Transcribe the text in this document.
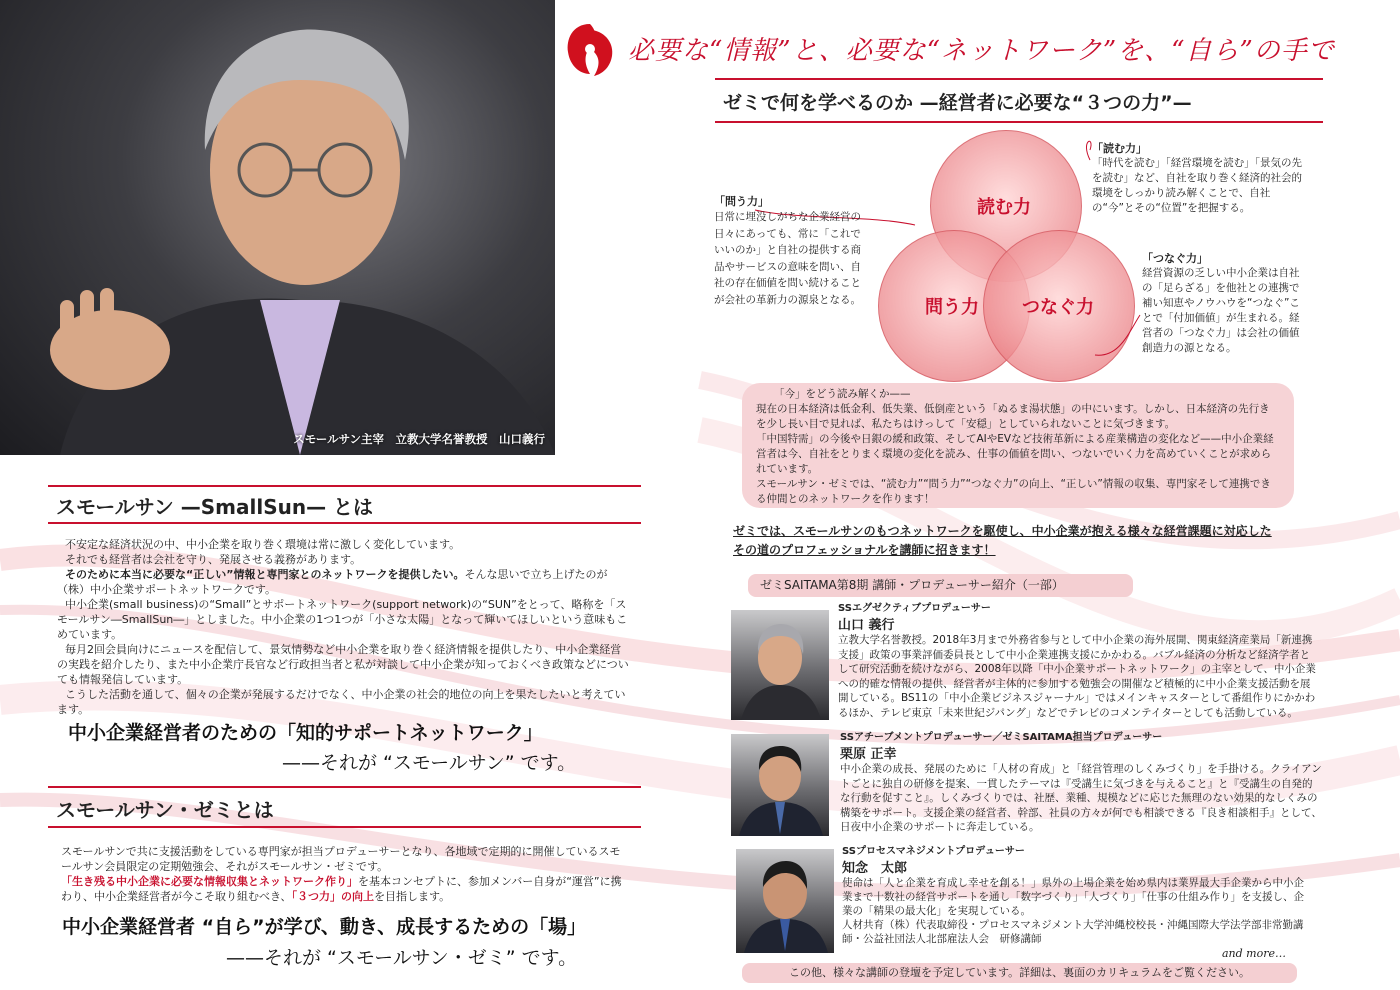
スモールサン主宰　立教大学名誉教授　山口義行
必要な“情報”と、必要な“ネットワーク”を、“自ら”の手で
ゼミで何を学べるのか —経営者に必要な“３つの力”—
読む力
問う力 つなぐ力
「読む力」
「時代を読む」「経営環境を読む」「景気の先を読む」など、自社を取り巻く経済的社会的環境をしっかり読み解くことで、自社の“今”とその“位置”を把握する。
「問う力」
日常に埋没しがちな企業経営の日々にあっても、常に「これでいいのか」と自社の提供する商品やサービスの意味を問い、自社の存在価値を問い続けることが会社の革新力の源泉となる。
「つなぐ力」
経営資源の乏しい中小企業は自社の「足らざる」を他社との連携で補い知恵やノウハウを“つなぐ”ことで「付加価値」が生まれる。経営者の「つなぐ力」は会社の価値創造力の源となる。
「今」をどう読み解くか——
現在の日本経済は低金利、低失業、低倒産という「ぬるま湯状態」の中にいます。しかし、日本経済の先行きを少し長い目で見れば、私たちはけっして「安穏」としていられないことに気づきます。
「中国特需」の今後や日銀の緩和政策、そしてAIやEVなど技術革新による産業構造の変化など——中小企業経営者は今、自社をとりまく環境の変化を読み、仕事の価値を問い、つないでいく力を高めていくことが求められています。
スモールサン・ゼミでは、“読む力”“問う力”“つなぐ力”の向上、“正しい”情報の収集、専門家そして連携できる仲間とのネットワークを作ります！
ゼミでは、スモールサンのもつネットワークを駆使し、中小企業が抱える様々な経営課題に対応した
その道のプロフェッショナルを講師に招きます！
ゼミSAITAMA第8期 講師・プロデューサー紹介（一部）
SSエグゼクティブプロデューサー
山口 義行
立教大学名誉教授。2018年3月まで外務省参与として中小企業の海外展開、関東経済産業局「新連携支援」政策の事業評価委員長として中小企業連携支援にかかわる。バブル経済の分析など経済学者として研究活動を続けながら、2008年以降「中小企業サポートネットワーク」の主宰として、中小企業への的確な情報の提供、経営者が主体的に参加する勉強会の開催など積極的に中小企業支援活動を展開している。BS11の「中小企業ビジネスジャーナル」ではメインキャスターとして番組作りにかかわるほか、テレビ東京「未来世紀ジパング」などでテレビのコメンテイターとしても活動している。
SSアチーブメントプロデューサー／ゼミSAITAMA担当プロデューサー
栗原 正幸
中小企業の成長、発展のために「人材の育成」と「経営管理のしくみづくり」を手掛ける。クライアントごとに独自の研修を提案、一貫したテーマは『受講生に気づきを与えること』と『受講生の自発的な行動を促すこと』。しくみづくりでは、社歴、業種、規模などに応じた無理のない効果的なしくみの構築をサポート。支援企業の経営者、幹部、社員の方々が何でも相談できる『良き相談相手』として、日夜中小企業のサポートに奔走している。
SSプロセスマネジメントプロデューサー
知念　太郎
使命は「人と企業を育成し幸せを創る！」県外の上場企業を始め県内は業界最大手企業から中小企業まで十数社の経営サポートを通し「数字づくり」「人づくり」「仕事の仕組み作り」を支援し、企業の「精果の最大化」を実現している。
人材共育（株）代表取締役・プロセスマネジメント大学沖縄校校長・沖縄国際大学法学部非常勤講師・公益社団法人北部雇法人会　研修講師
and more…
この他、様々な講師の登壇を予定しています。詳細は、裏面のカリキュラムをご覧ください。
スモールサン —SmallSun— とは
不安定な経済状況の中、中小企業を取り巻く環境は常に激しく変化しています。
それでも経営者は会社を守り、発展させる義務があります。
そのために本当に必要な“正しい”情報と専門家とのネットワークを提供したい。そんな思いで立ち上げたのが（株）中小企業サポートネットワークです。
中小企業(small business)の“Small”とサポートネットワーク(support network)の“SUN”をとって、略称を「スモールサン―SmallSun―」としました。中小企業の1つ1つが「小さな太陽」となって輝いてほしいという意味もこめています。
毎月2回会員向けにニュースを配信して、景気情勢など中小企業を取り巻く経済情報を提供したり、中小企業経営の実践を紹介したり、また中小企業庁長官など行政担当者と私が対談して中小企業が知っておくべき政策などについても情報発信しています。
こうした活動を通して、個々の企業が発展するだけでなく、中小企業の社会的地位の向上を果たしたいと考えています。
中小企業経営者のための「知的サポートネットワーク」
——それが “スモールサン” です。
スモールサン・ゼミとは
スモールサンで共に支援活動をしている専門家が担当プロデューサーとなり、各地域で定期的に開催しているスモールサン会員限定の定期勉強会、それがスモールサン・ゼミです。
「生き残る中小企業に必要な情報収集とネットワーク作り」を基本コンセプトに、参加メンバー自身が“運営”に携わり、中小企業経営者が今こそ取り組むべき、「３つ力」の向上を目指します。
中小企業経営者 “自ら”が学び、動き、成長するための「場」
——それが “スモールサン・ゼミ” です。
